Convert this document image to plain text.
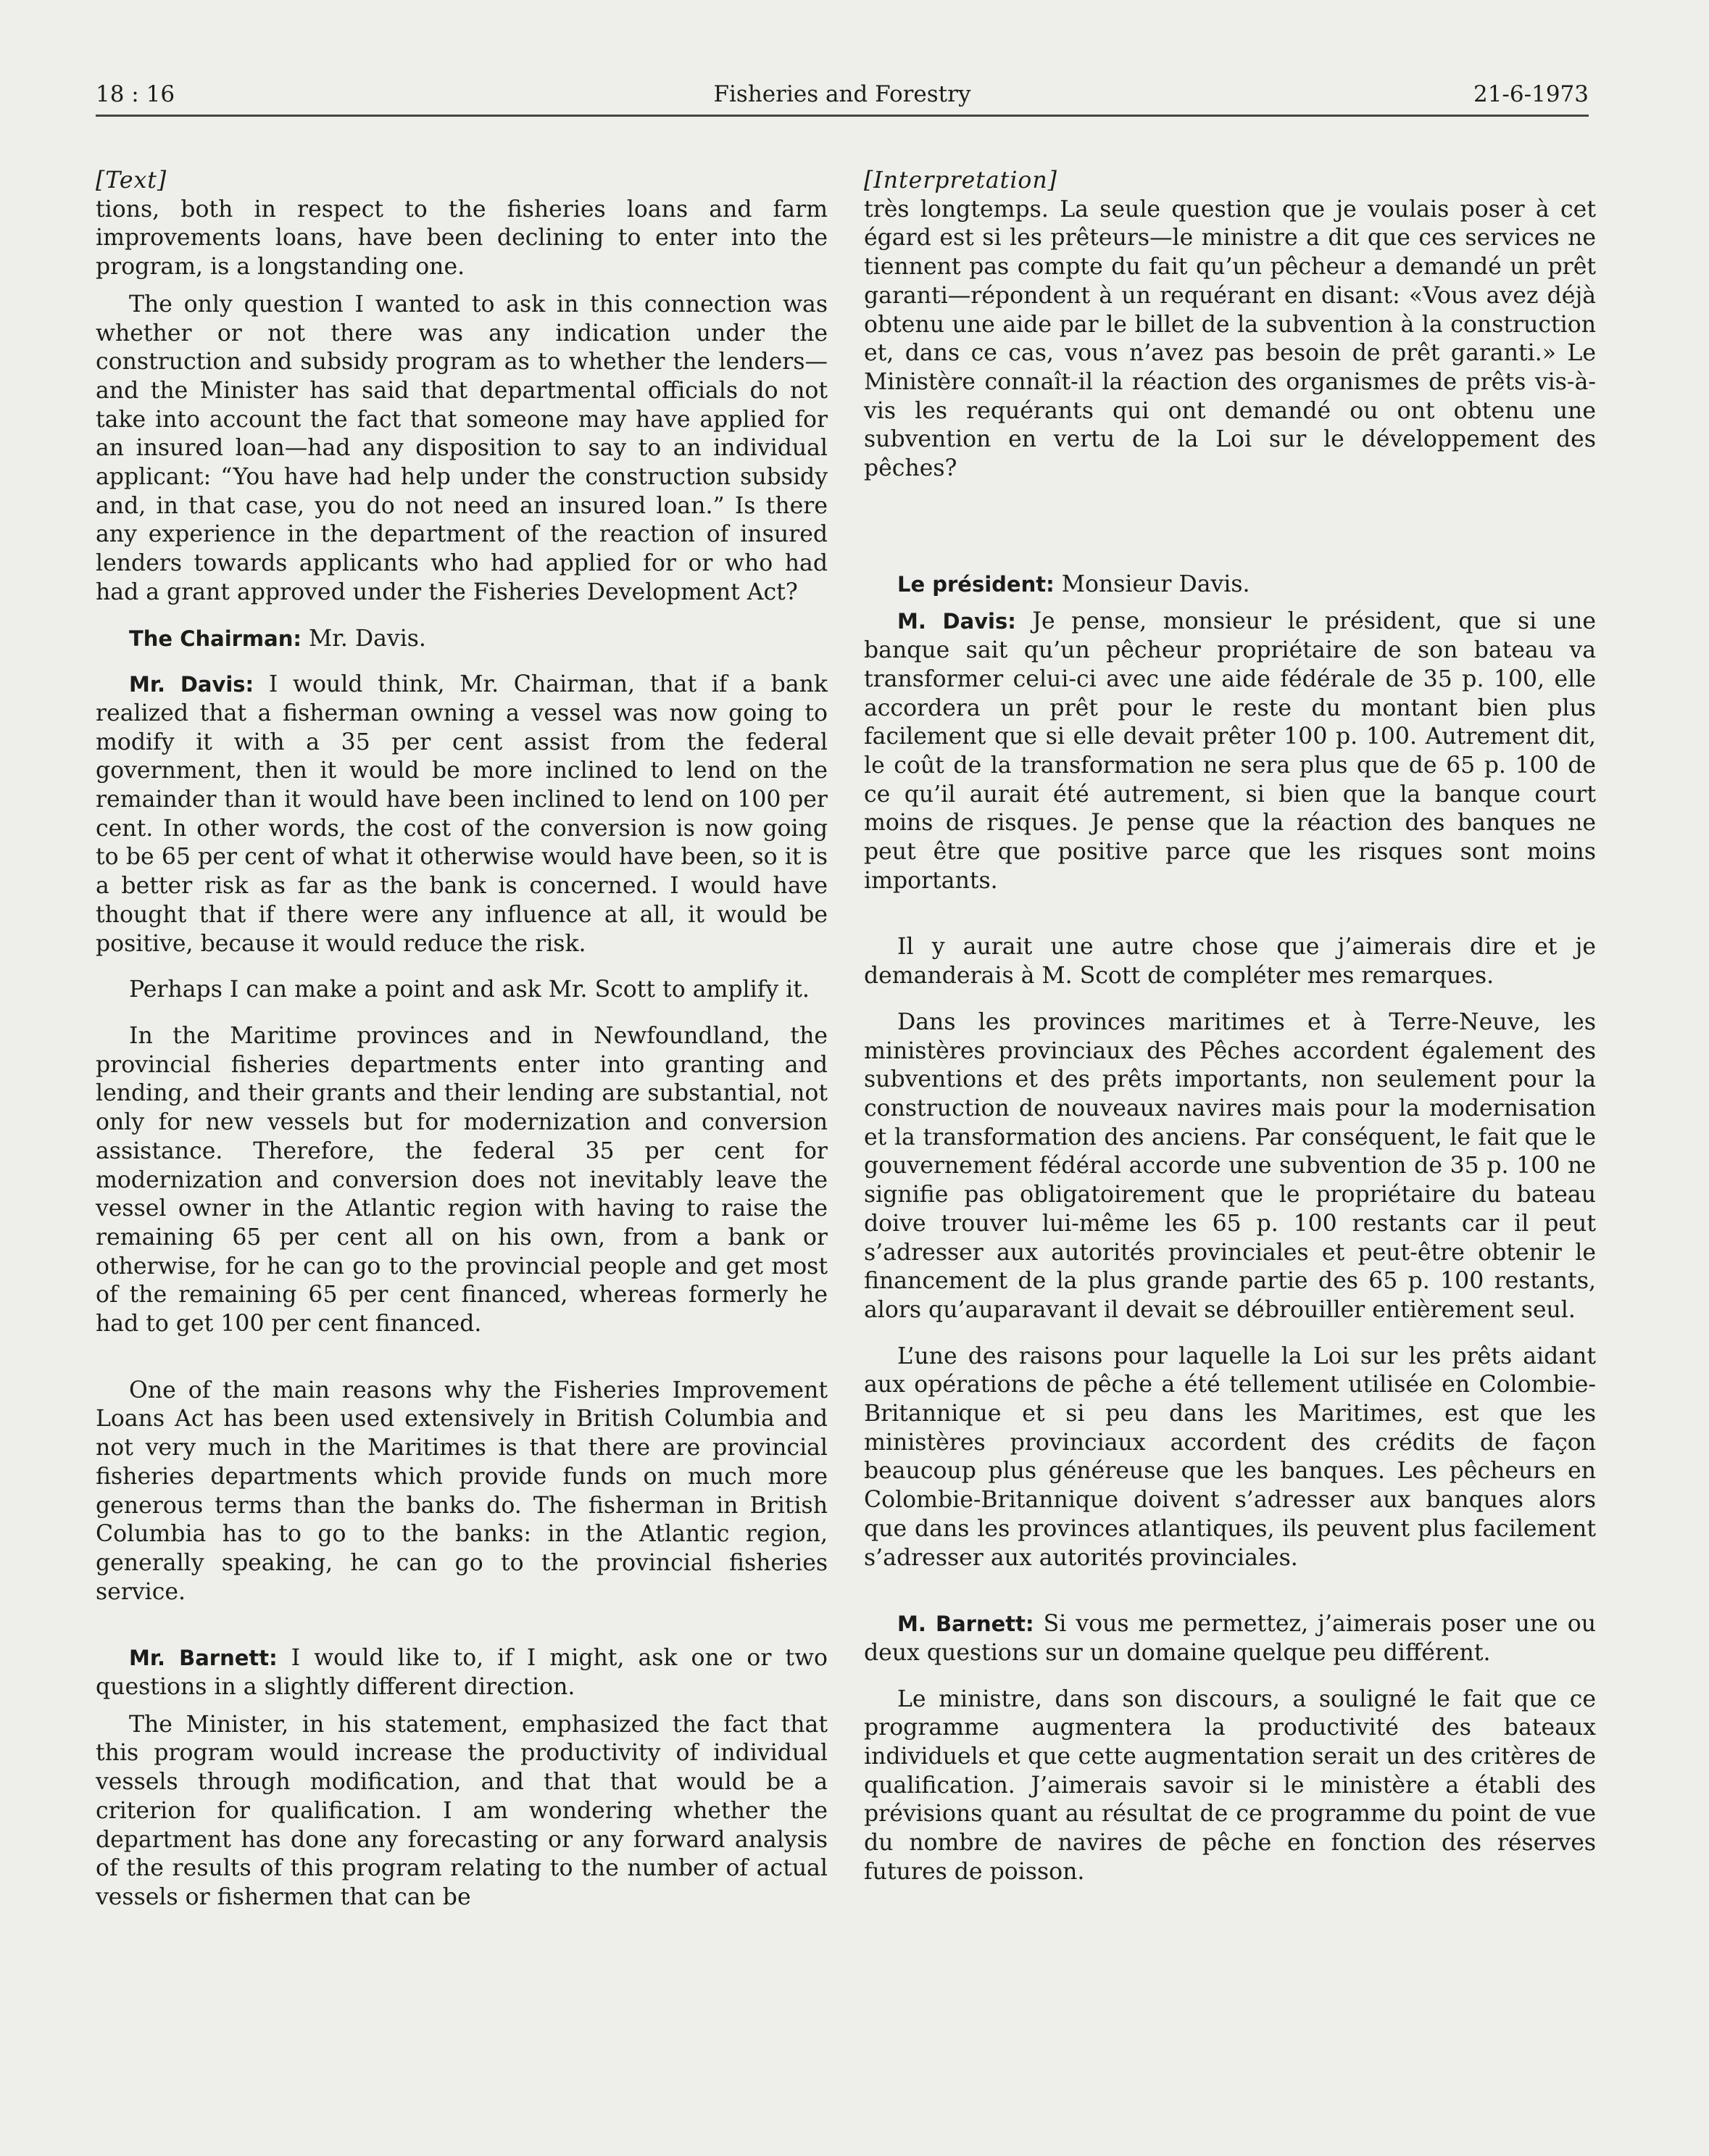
18 : 16	Fisheries and Forestry	21-6-1973

[Text]

tions, both in respect to the fisheries loans and farm improvements loans, have been declining to enter into the program, is a longstanding one.

The only question I wanted to ask in this connection was whether or not there was any indication under the construction and subsidy program as to whether the lenders—and the Minister has said that departmental officials do not take into account the fact that someone may have applied for an insured loan—had any disposition to say to an individual applicant: “You have had help under the construction subsidy and, in that case, you do not need an insured loan.” Is there any experience in the department of the reaction of insured lenders towards applicants who had applied for or who had had a grant approved under the Fisheries Development Act?

The Chairman: Mr. Davis.

Mr. Davis: I would think, Mr. Chairman, that if a bank realized that a fisherman owning a vessel was now going to modify it with a 35 per cent assist from the federal government, then it would be more inclined to lend on the remainder than it would have been inclined to lend on 100 per cent. In other words, the cost of the conversion is now going to be 65 per cent of what it otherwise would have been, so it is a better risk as far as the bank is concerned. I would have thought that if there were any influence at all, it would be positive, because it would reduce the risk.

Perhaps I can make a point and ask Mr. Scott to amplify it.

In the Maritime provinces and in Newfoundland, the provincial fisheries departments enter into granting and lending, and their grants and their lending are substantial, not only for new vessels but for modernization and conversion assistance. Therefore, the federal 35 per cent for modernization and conversion does not inevitably leave the vessel owner in the Atlantic region with having to raise the remaining 65 per cent all on his own, from a bank or otherwise, for he can go to the provincial people and get most of the remaining 65 per cent financed, whereas formerly he had to get 100 per cent financed.

One of the main reasons why the Fisheries Improvement Loans Act has been used extensively in British Columbia and not very much in the Maritimes is that there are provincial fisheries departments which provide funds on much more generous terms than the banks do. The fisherman in British Columbia has to go to the banks: in the Atlantic region, generally speaking, he can go to the provincial fisheries service.

Mr. Barnett: I would like to, if I might, ask one or two questions in a slightly different direction.

The Minister, in his statement, emphasized the fact that this program would increase the productivity of individual vessels through modification, and that that would be a criterion for qualification. I am wondering whether the department has done any forecasting or any forward analysis of the results of this program relating to the number of actual vessels or fishermen that can be

[Interpretation]

très longtemps. La seule question que je voulais poser à cet égard est si les prêteurs—le ministre a dit que ces services ne tiennent pas compte du fait qu’un pêcheur a demandé un prêt garanti—répondent à un requérant en disant: «Vous avez déjà obtenu une aide par le billet de la subvention à la construction et, dans ce cas, vous n’avez pas besoin de prêt garanti.» Le Ministère connaît-il la réaction des organismes de prêts vis-à-vis les requérants qui ont demandé ou ont obtenu une subvention en vertu de la Loi sur le développement des pêches?

Le président: Monsieur Davis.

M. Davis: Je pense, monsieur le président, que si une banque sait qu’un pêcheur propriétaire de son bateau va transformer celui-ci avec une aide fédérale de 35 p. 100, elle accordera un prêt pour le reste du montant bien plus facilement que si elle devait prêter 100 p. 100. Autrement dit, le coût de la transformation ne sera plus que de 65 p. 100 de ce qu’il aurait été autrement, si bien que la banque court moins de risques. Je pense que la réaction des banques ne peut être que positive parce que les risques sont moins importants.

Il y aurait une autre chose que j’aimerais dire et je demanderais à M. Scott de compléter mes remarques.

Dans les provinces maritimes et à Terre-Neuve, les ministères provinciaux des Pêches accordent également des subventions et des prêts importants, non seulement pour la construction de nouveaux navires mais pour la modernisation et la transformation des anciens. Par conséquent, le fait que le gouvernement fédéral accorde une subvention de 35 p. 100 ne signifie pas obligatoirement que le propriétaire du bateau doive trouver lui-même les 65 p. 100 restants car il peut s’adresser aux autorités provinciales et peut-être obtenir le financement de la plus grande partie des 65 p. 100 restants, alors qu’auparavant il devait se débrouiller entièrement seul.

L’une des raisons pour laquelle la Loi sur les prêts aidant aux opérations de pêche a été tellement utilisée en Colombie-Britannique et si peu dans les Maritimes, est que les ministères provinciaux accordent des crédits de façon beaucoup plus généreuse que les banques. Les pêcheurs en Colombie-Britannique doivent s’adresser aux banques alors que dans les provinces atlantiques, ils peuvent plus facilement s’adresser aux autorités provinciales.

M. Barnett: Si vous me permettez, j’aimerais poser une ou deux questions sur un domaine quelque peu différent.

Le ministre, dans son discours, a souligné le fait que ce programme augmentera la productivité des bateaux individuels et que cette augmentation serait un des critères de qualification. J’aimerais savoir si le ministère a établi des prévisions quant au résultat de ce programme du point de vue du nombre de navires de pêche en fonction des réserves futures de poisson.
